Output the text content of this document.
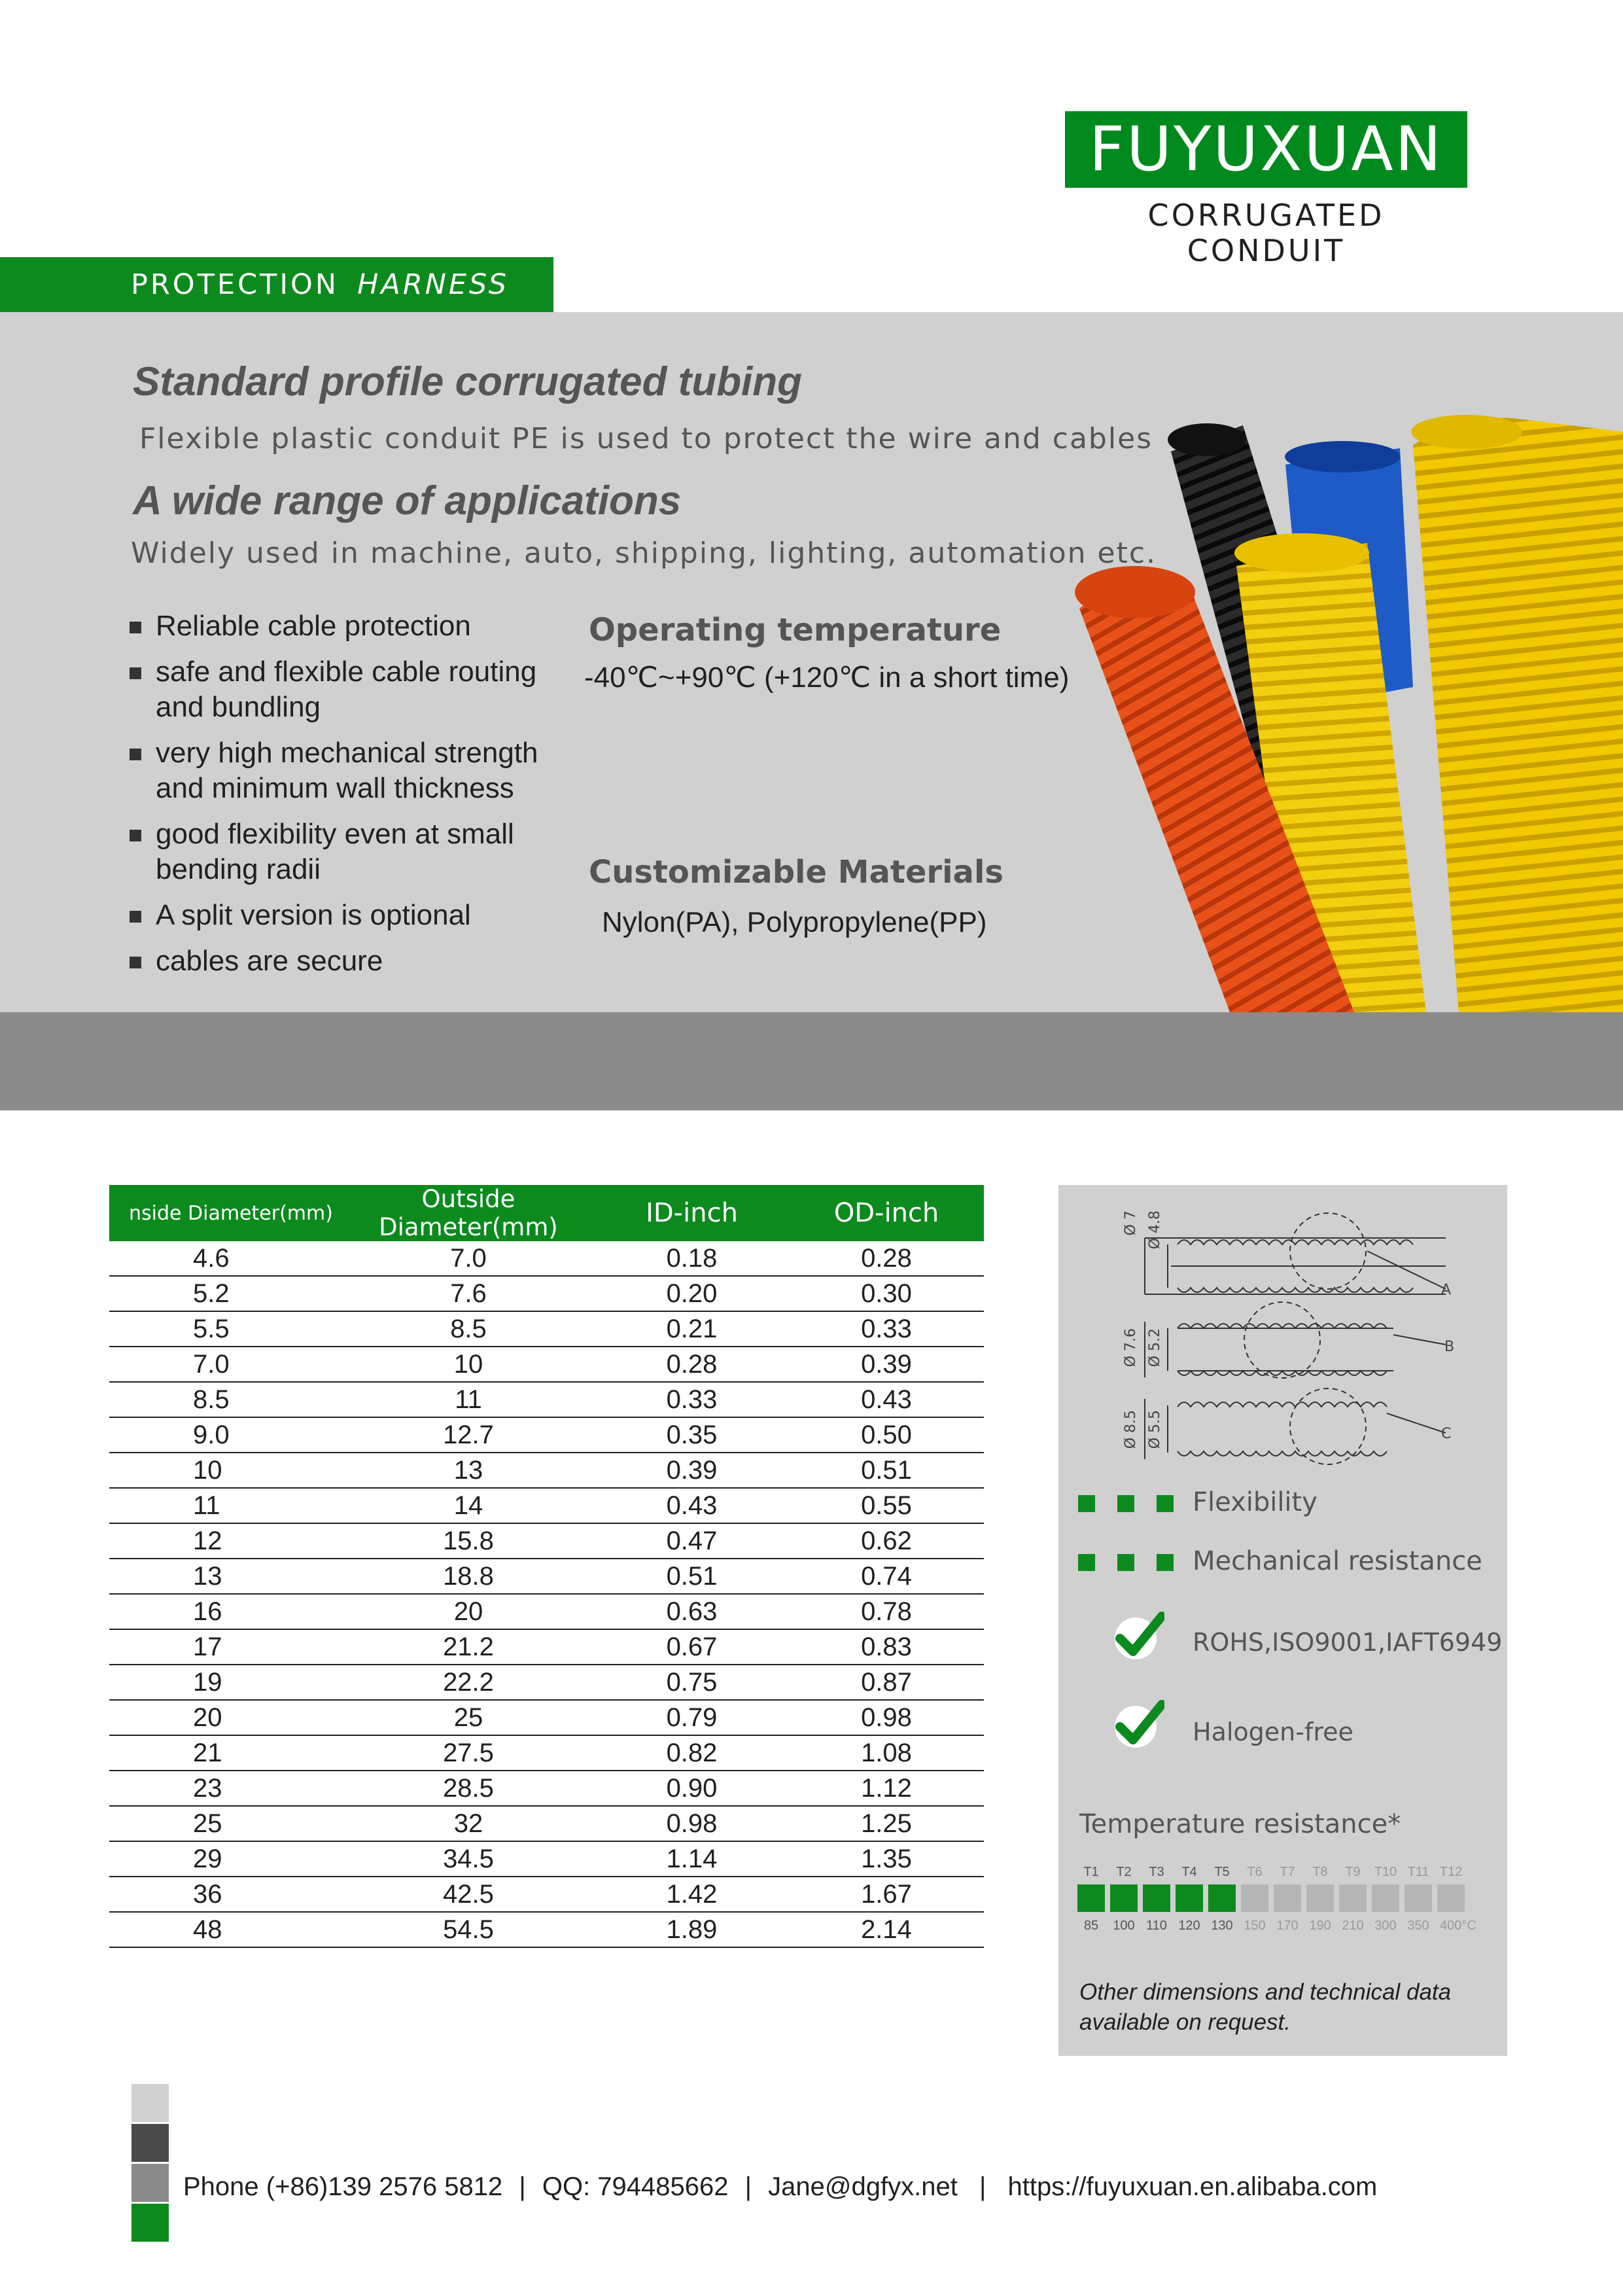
FUYUXUAN
CORRUGATED CONDUIT
PROTECTION HARNESS
Standard profile corrugated tubing
Flexible plastic conduit PE is used to protect the wire and cables
A wide range of applications
Widely used in machine, auto, shipping, lighting, automation etc.
Reliable cable protection
safe and flexible cable routing and bundling
very high mechanical strength and minimum wall thickness
good flexibility even at small bending radii
A split version is optional
cables are secure
Operating temperature
-40℃~+90℃ (+120℃ in a short time)
Customizable Materials
Nylon(PA), Polypropylene(PP)
nside Diameter(mm)	Outside Diameter(mm)	ID-inch	OD-inch
4.6	7.0	0.18	0.28
5.2	7.6	0.20	0.30
5.5	8.5	0.21	0.33
7.0	10	0.28	0.39
8.5	11	0.33	0.43
9.0	12.7	0.35	0.50
10	13	0.39	0.51
11	14	0.43	0.55
12	15.8	0.47	0.62
13	18.8	0.51	0.74
16	20	0.63	0.78
17	21.2	0.67	0.83
19	22.2	0.75	0.87
20	25	0.79	0.98
21	27.5	0.82	1.08
23	28.5	0.90	1.12
25	32	0.98	1.25
29	34.5	1.14	1.35
36	42.5	1.42	1.67
48	54.5	1.89	2.14
Ø 7 Ø 4.8
Ø 7.6 Ø 5.2
Ø 8.5 Ø 5.5
A
B
C
Flexibility
Mechanical resistance
ROHS,ISO9001,IAFT6949
Halogen-free
Temperature resistance*
T1
85
T2
100
T3
110
T4
120
T5
130
T6
150
T7
170
T8
190
T9
210
T10
300
T11
350
T12
400°C
Other dimensions and technical data available on request.
Phone (+86)139 2576 5812 | QQ: 794485662 | Jane@dgfyx.net | https://fuyuxuan.en.alibaba.com
